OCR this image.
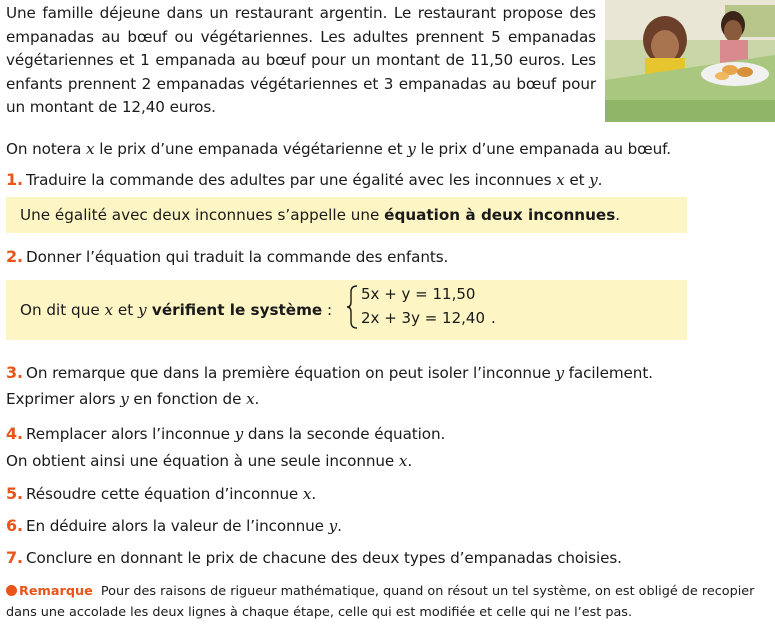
Une famille déjeune dans un restaurant argentin. Le restaurant propose des empanadas au bœuf ou végétariennes. Les adultes prennent 5 empanadas végétariennes et 1 empanada au bœuf pour un montant de 11,50 euros. Les enfants prennent 2 empanadas végétariennes et 3 empanadas au bœuf pour un montant de 12,40 euros.
On notera x le prix d’une empanada végétarienne et y le prix d’une empanada au bœuf.
1. Traduire la commande des adultes par une égalité avec les inconnues x et y.
Une égalité avec deux inconnues s’appelle une équation à deux inconnues.
2. Donner l’équation qui traduit la commande des enfants.
On dit que x et y vérifient le système :
5x + y = 11,50
2x + 3y = 12,40 .
3. On remarque que dans la première équation on peut isoler l’inconnue y facilement.
Exprimer alors y en fonction de x.
4. Remplacer alors l’inconnue y dans la seconde équation.
On obtient ainsi une équation à une seule inconnue x.
5. Résoudre cette équation d’inconnue x.
6. En déduire alors la valeur de l’inconnue y.
7. Conclure en donnant le prix de chacune des deux types d’empanadas choisies.
Remarque Pour des raisons de rigueur mathématique, quand on résout un tel système, on est obligé de recopier dans une accolade les deux lignes à chaque étape, celle qui est modifiée et celle qui ne l’est pas.
